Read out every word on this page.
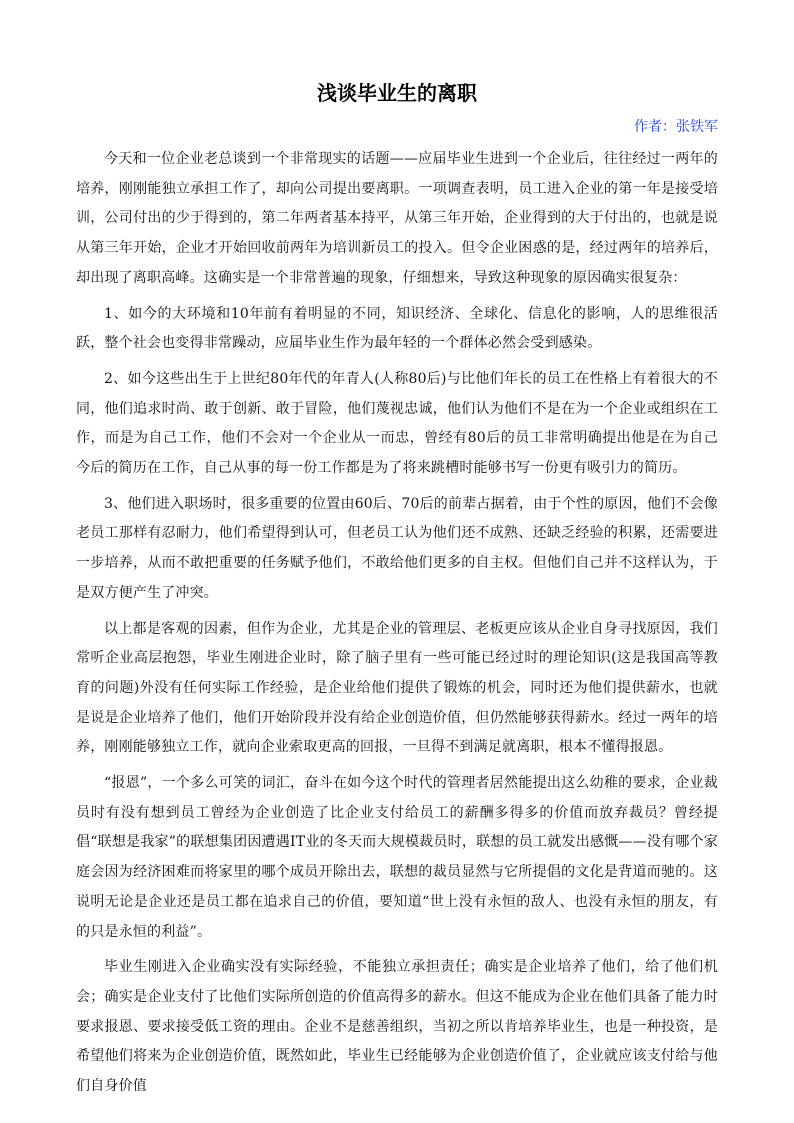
浅谈毕业生的离职
作者：张铁军

今天和一位企业老总谈到一个非常现实的话题——应届毕业生进到一个企业后，往往经过一两年的培养，刚刚能独立承担工作了，却向公司提出要离职。一项调查表明，员工进入企业的第一年是接受培训，公司付出的少于得到的，第二年两者基本持平，从第三年开始，企业得到的大于付出的，也就是说从第三年开始，企业才开始回收前两年为培训新员工的投入。但令企业困惑的是，经过两年的培养后，却出现了离职高峰。这确实是一个非常普遍的现象，仔细想来，导致这种现象的原因确实很复杂：

1、如今的大环境和10年前有着明显的不同，知识经济、全球化、信息化的影响，人的思维很活跃，整个社会也变得非常躁动，应届毕业生作为最年轻的一个群体必然会受到感染。

2、如今这些出生于上世纪80年代的年青人(人称80后)与比他们年长的员工在性格上有着很大的不同，他们追求时尚、敢于创新、敢于冒险，他们蔑视忠诚，他们认为他们不是在为一个企业或组织在工作，而是为自己工作，他们不会对一个企业从一而忠，曾经有80后的员工非常明确提出他是在为自己今后的简历在工作，自己从事的每一份工作都是为了将来跳槽时能够书写一份更有吸引力的简历。

3、他们进入职场时，很多重要的位置由60后、70后的前辈占据着，由于个性的原因，他们不会像老员工那样有忍耐力，他们希望得到认可，但老员工认为他们还不成熟、还缺乏经验的积累，还需要进一步培养，从而不敢把重要的任务赋予他们，不敢给他们更多的自主权。但他们自己并不这样认为，于是双方便产生了冲突。

以上都是客观的因素，但作为企业，尤其是企业的管理层、老板更应该从企业自身寻找原因，我们常听企业高层抱怨，毕业生刚进企业时，除了脑子里有一些可能已经过时的理论知识(这是我国高等教育的问题)外没有任何实际工作经验，是企业给他们提供了锻炼的机会，同时还为他们提供薪水，也就是说是企业培养了他们，他们开始阶段并没有给企业创造价值，但仍然能够获得薪水。经过一两年的培养，刚刚能够独立工作，就向企业索取更高的回报，一旦得不到满足就离职，根本不懂得报恩。

“报恩”，一个多么可笑的词汇，奋斗在如今这个时代的管理者居然能提出这么幼稚的要求，企业裁员时有没有想到员工曾经为企业创造了比企业支付给员工的薪酬多得多的价值而放弃裁员？曾经提倡“联想是我家”的联想集团因遭遇IT业的冬天而大规模裁员时，联想的员工就发出感慨——没有哪个家庭会因为经济困难而将家里的哪个成员开除出去，联想的裁员显然与它所提倡的文化是背道而驰的。这说明无论是企业还是员工都在追求自己的价值，要知道“世上没有永恒的敌人、也没有永恒的朋友，有的只是永恒的利益”。

毕业生刚进入企业确实没有实际经验，不能独立承担责任；确实是企业培养了他们，给了他们机会；确实是企业支付了比他们实际所创造的价值高得多的薪水。但这不能成为企业在他们具备了能力时要求报恩、要求接受低工资的理由。企业不是慈善组织，当初之所以肯培养毕业生，也是一种投资，是希望他们将来为企业创造价值，既然如此，毕业生已经能够为企业创造价值了，企业就应该支付给与他们自身价值
